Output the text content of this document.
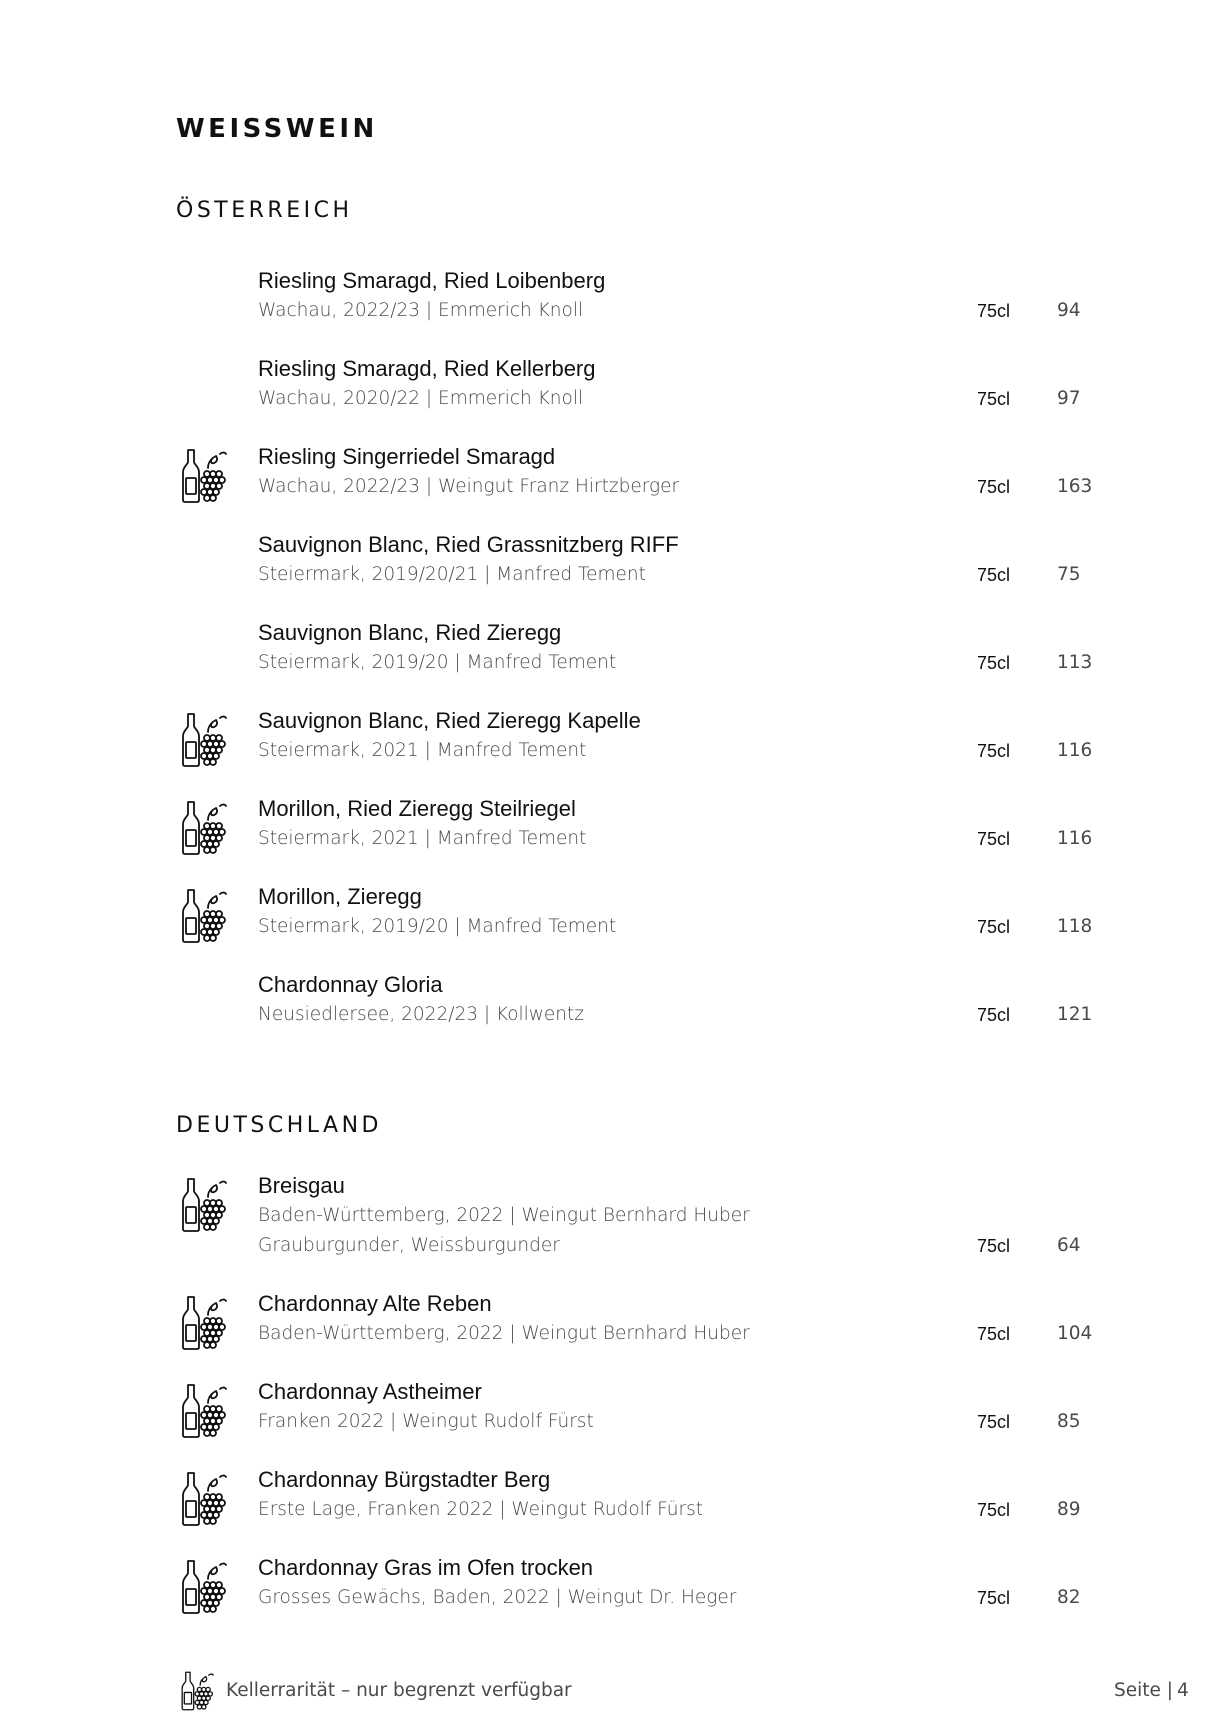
WEISSWEIN
ÖSTERREICH
Riesling Smaragd, Ried Loibenberg
Wachau, 2022/23 | Emmerich Knoll	75cl	94
Riesling Smaragd, Ried Kellerberg
Wachau, 2020/22 | Emmerich Knoll	75cl	97
Riesling Singerriedel Smaragd
Wachau, 2022/23 | Weingut Franz Hirtzberger	75cl	163
Sauvignon Blanc, Ried Grassnitzberg RIFF
Steiermark, 2019/20/21 | Manfred Tement	75cl	75
Sauvignon Blanc, Ried Zieregg
Steiermark, 2019/20 | Manfred Tement	75cl	113
Sauvignon Blanc, Ried Zieregg Kapelle
Steiermark, 2021 | Manfred Tement	75cl	116
Morillon, Ried Zieregg Steilriegel
Steiermark, 2021 | Manfred Tement	75cl	116
Morillon, Zieregg
Steiermark, 2019/20 | Manfred Tement	75cl	118
Chardonnay Gloria
Neusiedlersee, 2022/23 | Kollwentz	75cl	121
DEUTSCHLAND
Breisgau
Baden-Württemberg, 2022 | Weingut Bernhard Huber
Grauburgunder, Weissburgunder	75cl	64
Chardonnay Alte Reben
Baden-Württemberg, 2022 | Weingut Bernhard Huber	75cl	104
Chardonnay Astheimer
Franken 2022 | Weingut Rudolf Fürst	75cl	85
Chardonnay Bürgstadter Berg
Erste Lage, Franken 2022 | Weingut Rudolf Fürst	75cl	89
Chardonnay Gras im Ofen trocken
Grosses Gewächs, Baden, 2022 | Weingut Dr. Heger	75cl	82
Kellerrarität – nur begrenzt verfügbar	Seite | 4
